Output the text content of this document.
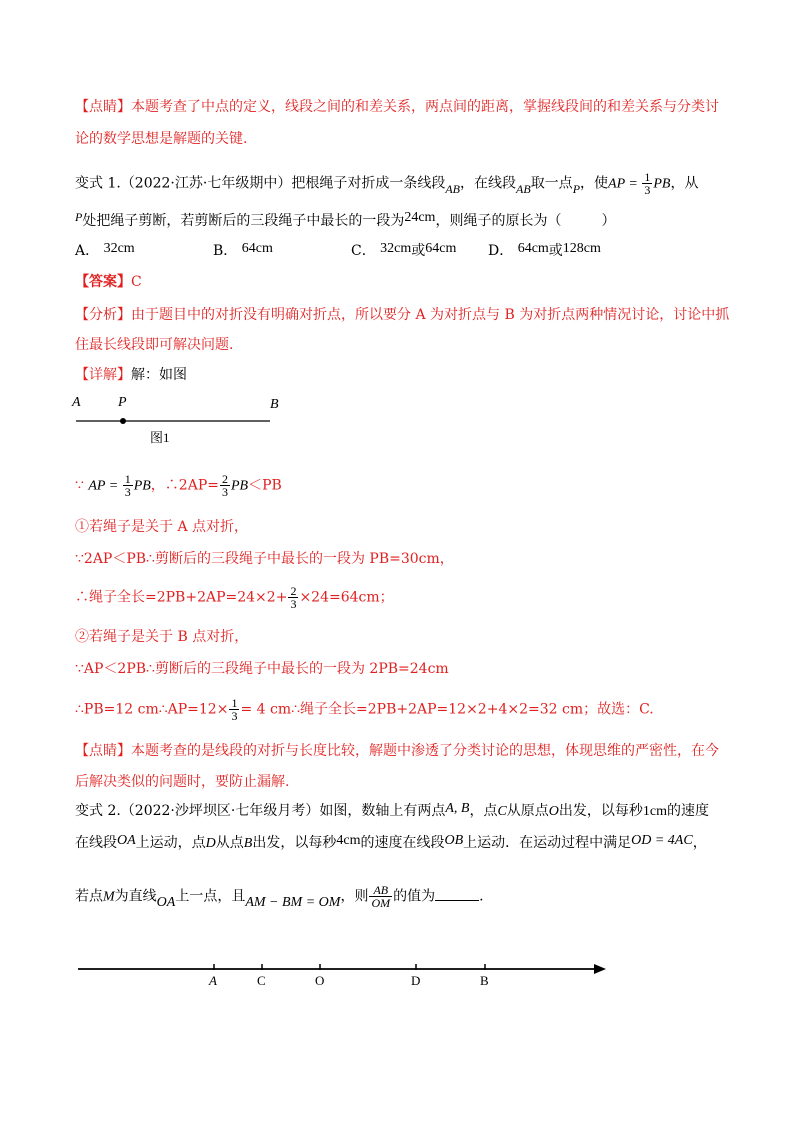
【点睛】本题考查了中点的定义，线段之间的和差关系，两点间的距离，掌握线段间的和差关系与分类讨
论的数学思想是解题的关键.
变式 1.（2022·江苏·七年级期中）把根绳子对折成一条线段AB，在线段AB取一点P，使AP = $\frac{1}{3}$ PB，从
P处把绳子剪断，若剪断后的三段绳子中最长的一段为24cm，则绳子的原长为（	）
A． 32cm	B． 64cm	C． 32cm或64cm D． 64cm或128cm
【答案】C
【分析】由于题目中的对折没有明确对折点，所以要分 A 为对折点与 B 为对折点两种情况讨论，讨论中抓
住最长线段即可解决问题.
【详解】解：如图
A	P	B
图1
∵ AP = $\frac{1}{3}$ PB，∴2AP= $\frac{2}{3} PB<PB$
①若绳子是关于 A 点对折，
∵2AP＜PB∴剪断后的三段绳子中最长的一段为 PB=30cm，
∴绳子全长$=2PB+2AP=24\times 2+ \frac{2}{3} \times 24=64cm$；
②若绳子是关于 B 点对折，
∵AP＜2PB∴剪断后的三段绳子中最长的一段为 2PB=24cm
∴PB=12 cm∴AP=12× $\frac{1}{3} = 4$ cm∴绳子全长=2PB+2AP=12×2+4×2=32 cm；故选：C.
【点睛】本题考查的是线段的对折与长度比较，解题中渗透了分类讨论的思想，体现思维的严密性，在今
后解决类似的问题时，要防止漏解.
变式 2.（2022·沙坪坝区·七年级月考）如图，数轴上有两点A, B，点C从原点O出发，以每秒1cm的速度
在线段OA上运动，点D从点B出发，以每秒4cm的速度在线段OB上运动．在运动过程中满足OD = 4AC，
若点M为直线OA上一点，且AM − BM = OM，则 $\frac{AB}{OM}$ 的值为	.
A	C	O	D	B
